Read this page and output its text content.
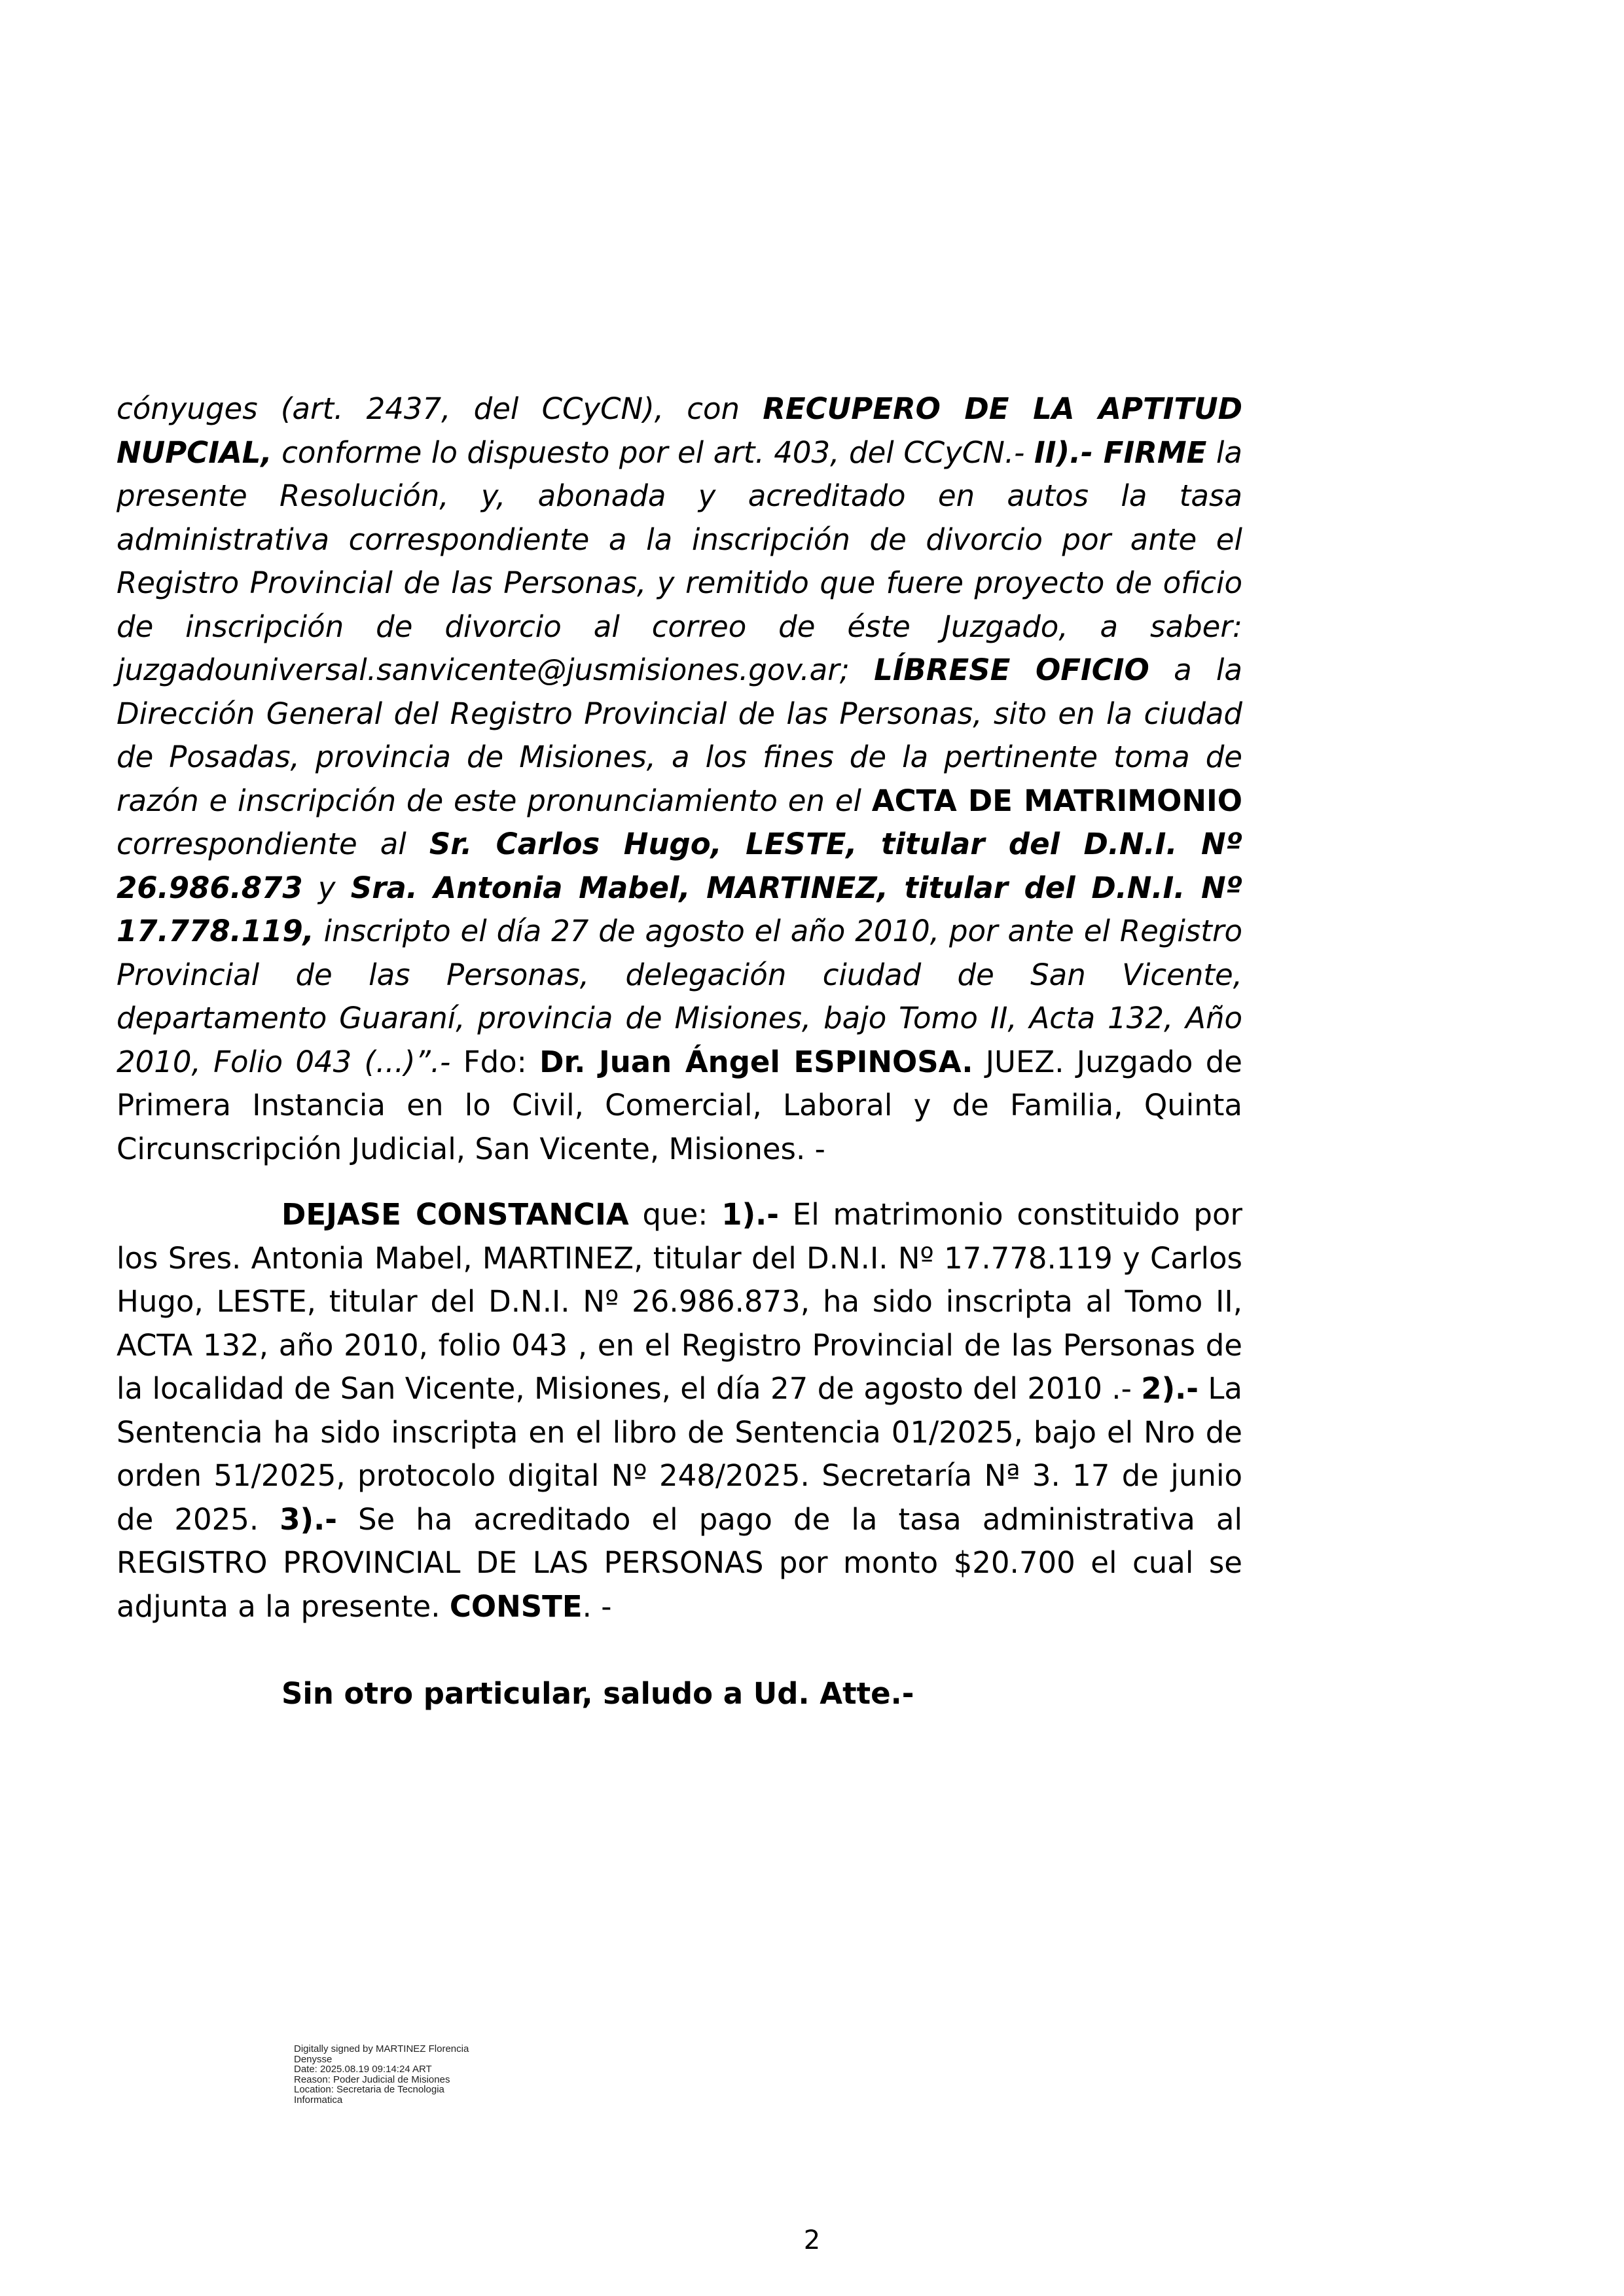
cónyuges (art. 2437, del CCyCN), con RECUPERO DE LA APTITUD NUPCIAL, conforme lo dispuesto por el art. 403, del CCyCN.- II).- FIRME la presente Resolución, y, abonada y acreditado en autos la tasa administrativa correspondiente a la inscripción de divorcio por ante el Registro Provincial de las Personas, y remitido que fuere proyecto de oficio de inscripción de divorcio al correo de éste Juzgado, a saber: juzgadouniversal.sanvicente@jusmisiones.gov.ar; LÍBRESE OFICIO a la Dirección General del Registro Provincial de las Personas, sito en la ciudad de Posadas, provincia de Misiones, a los fines de la pertinente toma de razón e inscripción de este pronunciamiento en el ACTA DE MATRIMONIO correspondiente al Sr. Carlos Hugo, LESTE, titular del D.N.I. Nº 26.986.873 y Sra. Antonia Mabel, MARTINEZ, titular del D.N.I. Nº 17.778.119, inscripto el día 27 de agosto el año 2010, por ante el Registro Provincial de las Personas, delegación ciudad de San Vicente, departamento Guaraní, provincia de Misiones, bajo Tomo II, Acta 132, Año 2010, Folio 043 (...)”.- Fdo: Dr. Juan Ángel ESPINOSA. JUEZ. Juzgado de Primera Instancia en lo Civil, Comercial, Laboral y de Familia, Quinta Circunscripción Judicial, San Vicente, Misiones. -

DEJASE CONSTANCIA que: 1).- El matrimonio constituido por los Sres. Antonia Mabel, MARTINEZ, titular del D.N.I. Nº 17.778.119 y Carlos Hugo, LESTE, titular del D.N.I. Nº 26.986.873, ha sido inscripta al Tomo II, ACTA 132, año 2010, folio 043 , en el Registro Provincial de las Personas de la localidad de San Vicente, Misiones, el día 27 de agosto del 2010 .- 2).- La Sentencia ha sido inscripta en el libro de Sentencia 01/2025, bajo el Nro de orden 51/2025, protocolo digital Nº 248/2025. Secretaría Nª 3. 17 de junio de 2025. 3).- Se ha acreditado el pago de la tasa administrativa al REGISTRO PROVINCIAL DE LAS PERSONAS por monto $20.700 el cual se adjunta a la presente. CONSTE. -

Sin otro particular, saludo a Ud. Atte.-

Digitally signed by MARTINEZ Florencia
Denysse
Date: 2025.08.19 09:14:24 ART
Reason: Poder Judicial de Misiones
Location: Secretaria de Tecnologia
Informatica
2
